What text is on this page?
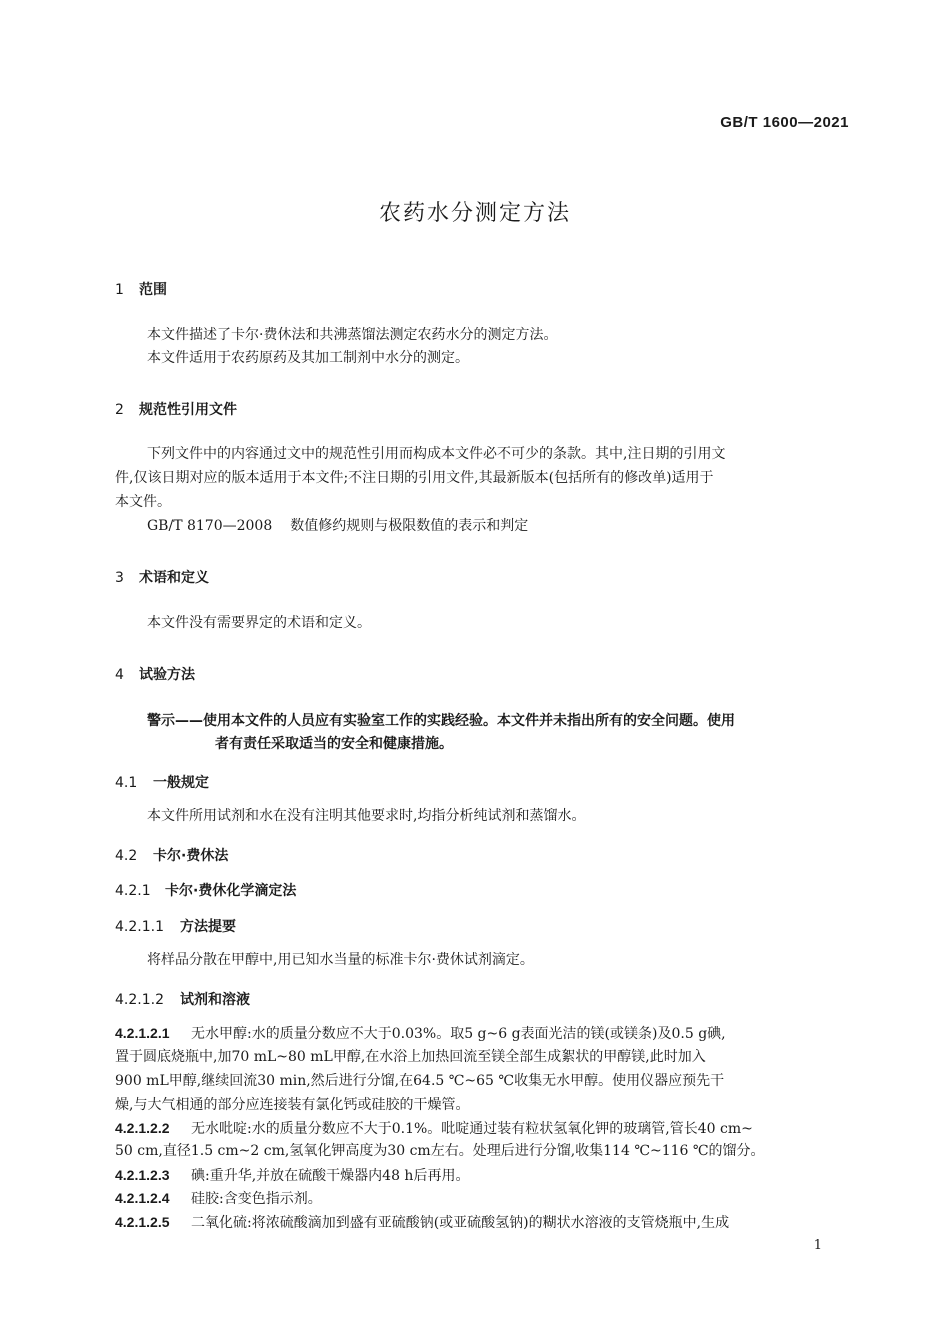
GB/T 1600—2021
农药水分测定方法
1 范围
本文件描述了卡尔·费休法和共沸蒸馏法测定农药水分的测定方法。
本文件适用于农药原药及其加工制剂中水分的测定。
2 规范性引用文件
下列文件中的内容通过文中的规范性引用而构成本文件必不可少的条款。其中,注日期的引用文
件,仅该日期对应的版本适用于本文件;不注日期的引用文件,其最新版本(包括所有的修改单)适用于
本文件。
GB/T 8170—2008 数值修约规则与极限数值的表示和判定
3 术语和定义
本文件没有需要界定的术语和定义。
4 试验方法
警示——使用本文件的人员应有实验室工作的实践经验。本文件并未指出所有的安全问题。使用
者有责任采取适当的安全和健康措施。
4.1 一般规定
本文件所用试剂和水在没有注明其他要求时,均指分析纯试剂和蒸馏水。
4.2 卡尔·费休法
4.2.1 卡尔·费休化学滴定法
4.2.1.1 方法提要
将样品分散在甲醇中,用已知水当量的标准卡尔·费休试剂滴定。
4.2.1.2 试剂和溶液
4.2.1.2.1 无水甲醇:水的质量分数应不大于0.03%。取5 g~6 g表面光洁的镁(或镁条)及0.5 g碘,
置于圆底烧瓶中,加70 mL~80 mL甲醇,在水浴上加热回流至镁全部生成絮状的甲醇镁,此时加入
900 mL甲醇,继续回流30 min,然后进行分馏,在64.5 ℃~65 ℃收集无水甲醇。使用仪器应预先干
燥,与大气相通的部分应连接装有氯化钙或硅胶的干燥管。
4.2.1.2.2 无水吡啶:水的质量分数应不大于0.1%。吡啶通过装有粒状氢氧化钾的玻璃管,管长40 cm~
50 cm,直径1.5 cm~2 cm,氢氧化钾高度为30 cm左右。处理后进行分馏,收集114 ℃~116 ℃的馏分。
4.2.1.2.3 碘:重升华,并放在硫酸干燥器内48 h后再用。
4.2.1.2.4 硅胶:含变色指示剂。
4.2.1.2.5 二氧化硫:将浓硫酸滴加到盛有亚硫酸钠(或亚硫酸氢钠)的糊状水溶液的支管烧瓶中,生成
1
